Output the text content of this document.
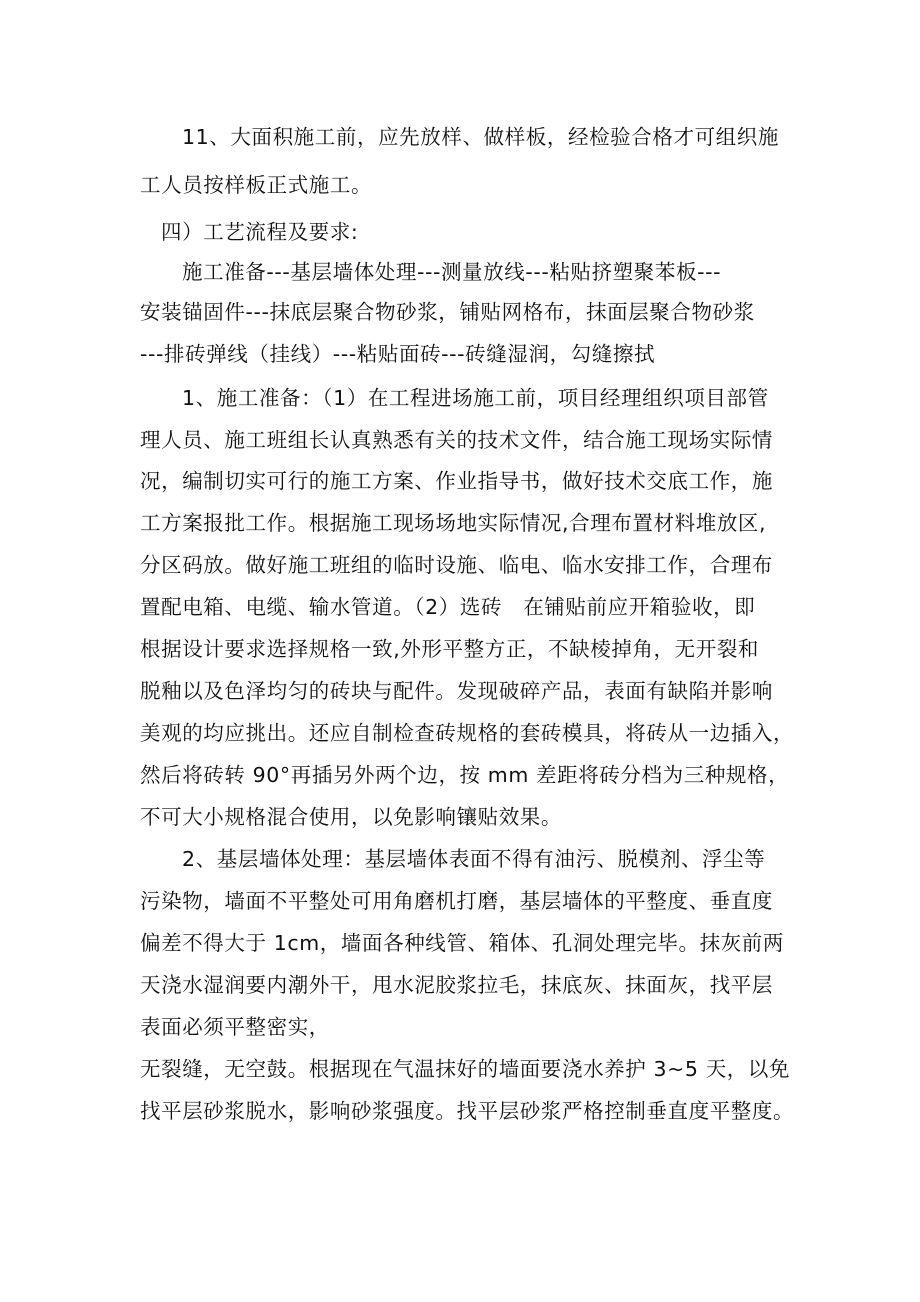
11、大面积施工前，应先放样、做样板，经检验合格才可组织施
工人员按样板正式施工。
四）工艺流程及要求:
施工准备---基层墙体处理---测量放线---粘贴挤塑聚苯板---
安装锚固件---抹底层聚合物砂浆，铺贴网格布，抹面层聚合物砂浆
---排砖弹线（挂线）---粘贴面砖---砖缝湿润，勾缝擦拭
1、施工准备：（1）在工程进场施工前，项目经理组织项目部管
理人员、施工班组长认真熟悉有关的技术文件，结合施工现场实际情
况，编制切实可行的施工方案、作业指导书，做好技术交底工作，施
工方案报批工作。根据施工现场场地实际情况,合理布置材料堆放区,
分区码放。做好施工班组的临时设施、临电、临水安排工作，合理布
置配电箱、电缆、输水管道。（2）选砖　在铺贴前应开箱验收，即
根据设计要求选择规格一致,外形平整方正，不缺棱掉角，无开裂和
脱釉以及色泽均匀的砖块与配件。发现破碎产品，表面有缺陷并影响
美观的均应挑出。还应自制检查砖规格的套砖模具，将砖从一边插入，
然后将砖转 90°再插另外两个边，按 mm 差距将砖分档为三种规格，
不可大小规格混合使用，以免影响镶贴效果。
2、基层墙体处理：基层墙体表面不得有油污、脱模剂、浮尘等
污染物，墙面不平整处可用角磨机打磨，基层墙体的平整度、垂直度
偏差不得大于 1cm，墙面各种线管、箱体、孔洞处理完毕。抹灰前两
天浇水湿润要内潮外干，甩水泥胶浆拉毛，抹底灰、抹面灰，找平层
表面必须平整密实，
无裂缝，无空鼓。根据现在气温抹好的墙面要浇水养护 3~5 天，以免
找平层砂浆脱水，影响砂浆强度。找平层砂浆严格控制垂直度平整度。
